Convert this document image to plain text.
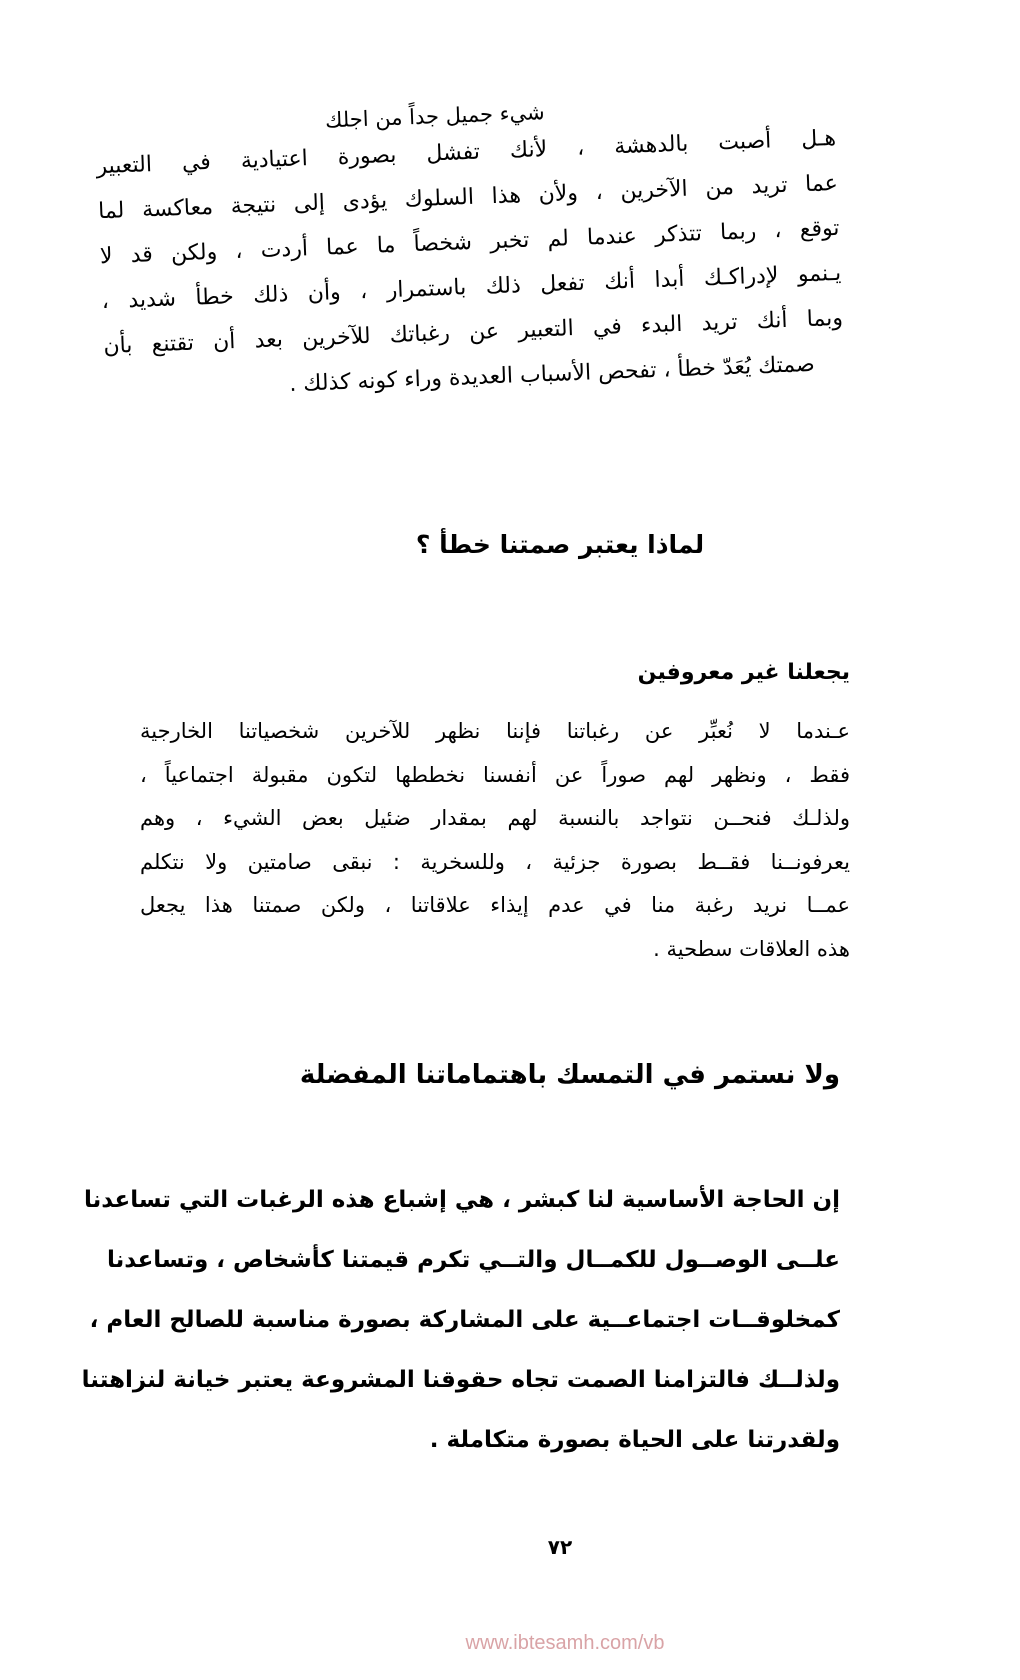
شيء جميل جداً من اجلك

هـل أصبت بالدهشة ، لأنك تفشل بصورة اعتيادية في التعبير

عما تريد من الآخرين ، ولأن هذا السلوك يؤدى إلى نتيجة معاكسة لما

توقع ، ربما تتذكر عندما لم تخبر شخصاً ما عما أردت ، ولكن قد لا

يـنمو لإدراكـك أبدا أنك تفعل ذلك باستمرار ، وأن ذلك خطأ شديد ،

وبما أنك تريد البدء في التعبير عن رغباتك للآخرين بعد أن تقتنع بأن

صمتك يُعَدّ خطأ ، تفحص الأسباب العديدة وراء كونه كذلك .

لماذا يعتبر صمتنا خطأ ؟
يجعلنا غير معروفين

عـندما لا نُعبِّر عن رغباتنا فإننا نظهر للآخرين شخصياتنا الخارجية

فقط ، ونظهر لهم صوراً عن أنفسنا نخططها لتكون مقبولة اجتماعياً ،

ولذلـك فنحــن نتواجد بالنسبة لهم بمقدار ضئيل بعض الشيء ، وهم

يعرفونــنا فقــط بصورة جزئية ، وللسخرية : نبقى صامتين ولا نتكلم

عمــا نريد رغبة منا في عدم إيذاء علاقاتنا ، ولكن صمتنا هذا يجعل

هذه العلاقات سطحية .

ولا نستمر في التمسك باهتماماتنا المفضلة

إن الحاجة الأساسية لنا كبشر ، هي إشباع هذه الرغبات التي تساعدنا

علــى الوصــول للكمــال والتــي تكرم قيمتنا كأشخاص ، وتساعدنا

كمخلوقــات اجتماعــية على المشاركة بصورة مناسبة للصالح العام ،

ولذلــك فالتزامنا الصمت تجاه حقوقنا المشروعة يعتبر خيانة لنزاهتنا

ولقدرتنا على الحياة بصورة متكاملة .

٧٢
www.ibtesamh.com/vb
